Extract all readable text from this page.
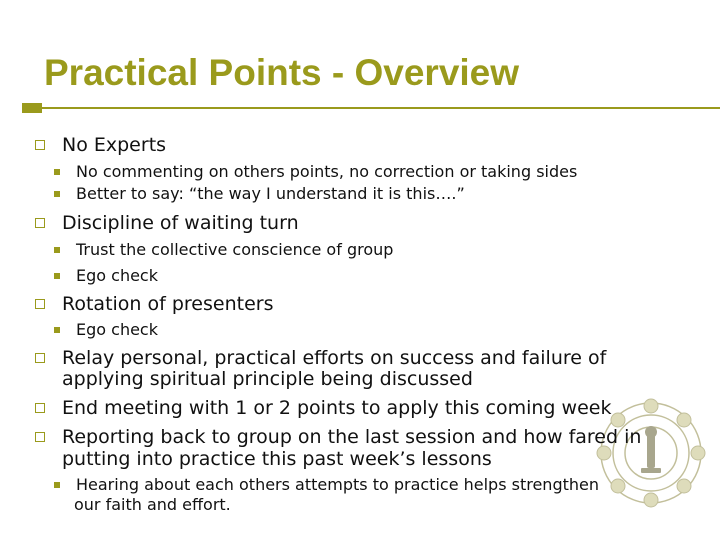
Practical Points - Overview
No Experts
No commenting on others points, no correction or taking sides
Better to say: “the way I understand it is this….”
Discipline of waiting turn
Trust the collective conscience of group
Ego check
Rotation of presenters
Ego check
Relay personal, practical efforts on success and failure of
applying spiritual principle being discussed
End meeting with 1 or 2 points to apply this coming week
Reporting back to group on the last session and how fared in
putting into practice this past week’s lessons
Hearing about each others attempts to practice helps strengthen
our faith and effort.
